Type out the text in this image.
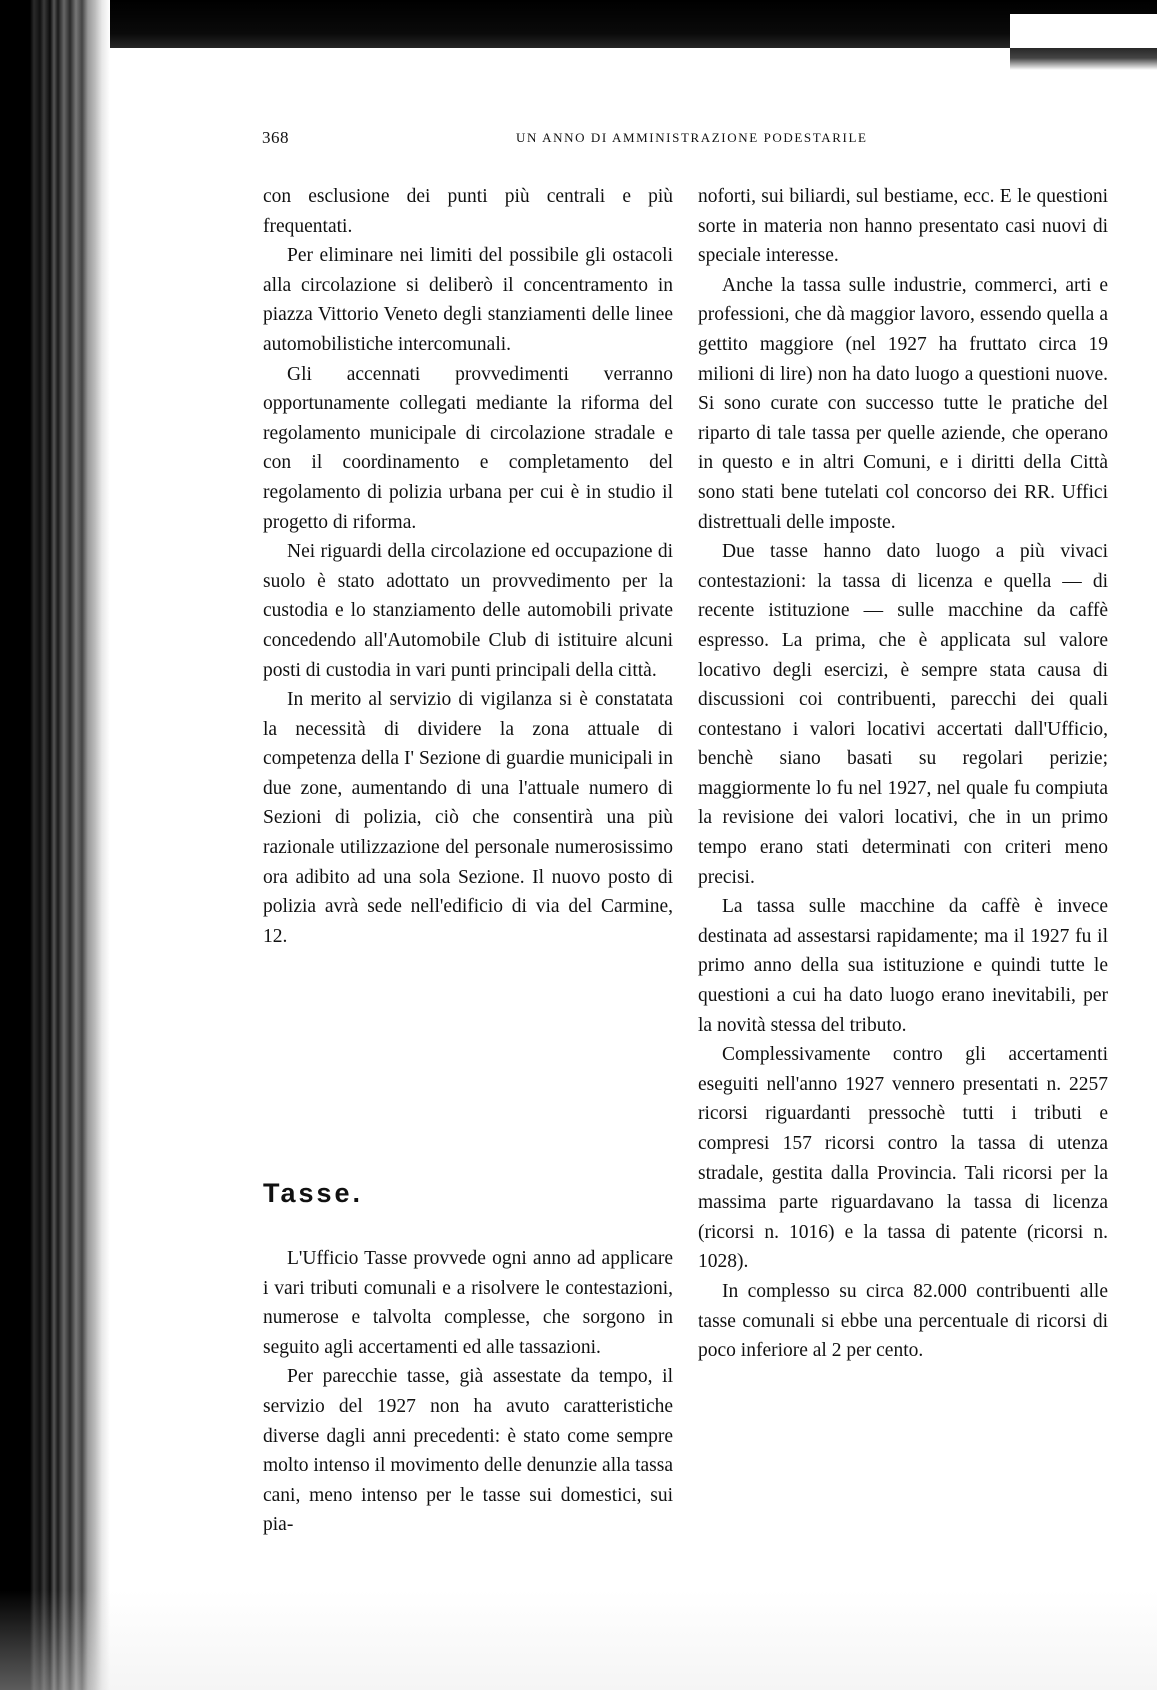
368	UN ANNO DI AMMINISTRAZIONE PODESTARILE

con esclusione dei punti più centrali e più frequentati.

Per eliminare nei limiti del possibile gli ostacoli alla circolazione si deliberò il concentramento in piazza Vittorio Veneto degli stanziamenti delle linee automobilistiche intercomunali.

Gli accennati provvedimenti verranno opportunamente collegati mediante la riforma del regolamento municipale di circolazione stradale e con il coordinamento e completamento del regolamento di polizia urbana per cui è in studio il progetto di riforma.

Nei riguardi della circolazione ed occupazione di suolo è stato adottato un provvedimento per la custodia e lo stanziamento delle automobili private concedendo all'Automobile Club di istituire alcuni posti di custodia in vari punti principali della città.

In merito al servizio di vigilanza si è constatata la necessità di dividere la zona attuale di competenza della I' Sezione di guardie municipali in due zone, aumentando di una l'attuale numero di Sezioni di polizia, ciò che consentirà una più razionale utilizzazione del personale numerosissimo ora adibito ad una sola Sezione. Il nuovo posto di polizia avrà sede nell'edificio di via del Carmine, 12.

Tasse.

L'Ufficio Tasse provvede ogni anno ad applicare i vari tributi comunali e a risolvere le contestazioni, numerose e talvolta complesse, che sorgono in seguito agli accertamenti ed alle tassazioni.

Per parecchie tasse, già assestate da tempo, il servizio del 1927 non ha avuto caratteristiche diverse dagli anni precedenti: è stato come sempre molto intenso il movimento delle denunzie alla tassa cani, meno intenso per le tasse sui domestici, sui pia-

noforti, sui biliardi, sul bestiame, ecc. E le questioni sorte in materia non hanno presentato casi nuovi di speciale interesse.

Anche la tassa sulle industrie, commerci, arti e professioni, che dà maggior lavoro, essendo quella a gettito maggiore (nel 1927 ha fruttato circa 19 milioni di lire) non ha dato luogo a questioni nuove. Si sono curate con successo tutte le pratiche del riparto di tale tassa per quelle aziende, che operano in questo e in altri Comuni, e i diritti della Città sono stati bene tutelati col concorso dei RR. Uffici distrettuali delle imposte.

Due tasse hanno dato luogo a più vivaci contestazioni: la tassa di licenza e quella — di recente istituzione — sulle macchine da caffè espresso. La prima, che è applicata sul valore locativo degli esercizi, è sempre stata causa di discussioni coi contribuenti, parecchi dei quali contestano i valori locativi accertati dall'Ufficio, benchè siano basati su regolari perizie; maggiormente lo fu nel 1927, nel quale fu compiuta la revisione dei valori locativi, che in un primo tempo erano stati determinati con criteri meno precisi.

La tassa sulle macchine da caffè è invece destinata ad assestarsi rapidamente; ma il 1927 fu il primo anno della sua istituzione e quindi tutte le questioni a cui ha dato luogo erano inevitabili, per la novità stessa del tributo.

Complessivamente contro gli accertamenti eseguiti nell'anno 1927 vennero presentati n. 2257 ricorsi riguardanti pressochè tutti i tributi e compresi 157 ricorsi contro la tassa di utenza stradale, gestita dalla Provincia. Tali ricorsi per la massima parte riguardavano la tassa di licenza (ricorsi n. 1016) e la tassa di patente (ricorsi n. 1028).

In complesso su circa 82.000 contribuenti alle tasse comunali si ebbe una percentuale di ricorsi di poco inferiore al 2 per cento.
